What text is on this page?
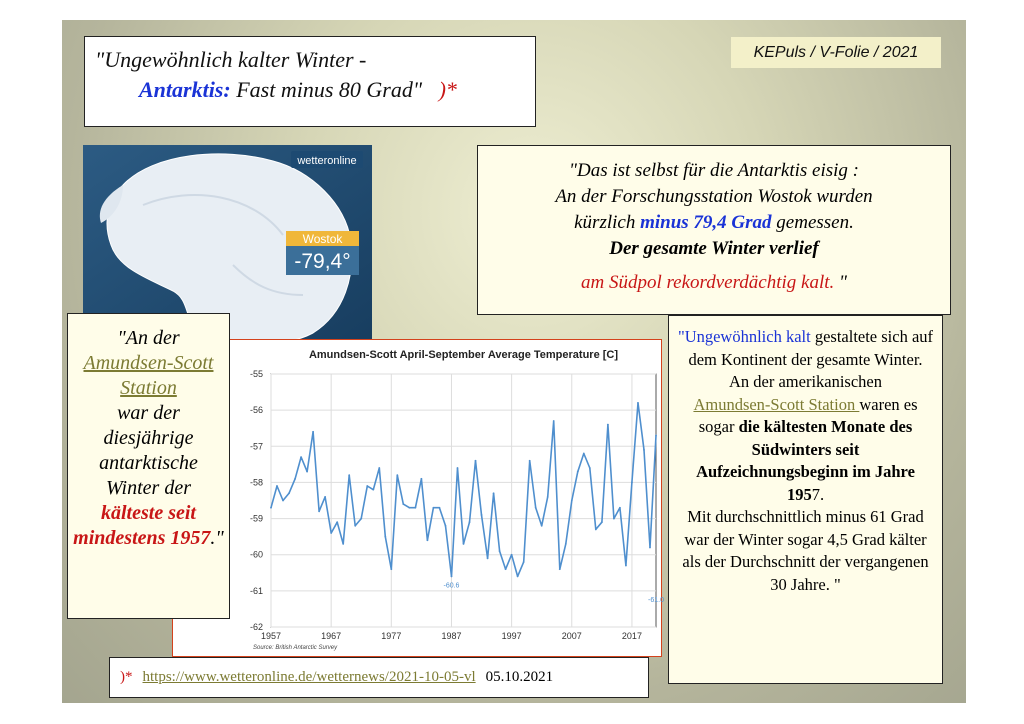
"Ungewöhnlich kalter Winter -
Antarktis: Fast minus 80 Grad" )*
KEPuls / V-Folie / 2021
wetteronline
Wostok
-79,4°
"Das ist selbst für die Antarktis eisig :
An der Forschungsstation Wostok wurden
kürzlich minus 79,4 Grad gemessen.
Der gesamte Winter verlief
am Südpol rekordverdächtig kalt. "
Amundsen-Scott April-September Average Temperature [C]
-55
-56
-57
-58
-59
-60
-61
-62
1957	1967	1977	1987	1997	2007	2017
-60.6
-61.0
Source: British Antarctic Survey
"An der
Amundsen-Scott Station
war der diesjährige antarktische Winter der
kälteste seit mindestens 1957."
"Ungewöhnlich kalt gestaltete sich auf dem Kontinent der gesamte Winter. An der amerikanischen
Amundsen-Scott Station waren es sogar die kältesten Monate des Südwinters seit Aufzeichnungsbeginn im Jahre 1957.
Mit durchschnittlich minus 61 Grad war der Winter sogar 4,5 Grad kälter als der Durchschnitt der vergangenen 30 Jahre. "
)* https://www.wetteronline.de/wetternews/2021-10-05-vl 05.10.2021
